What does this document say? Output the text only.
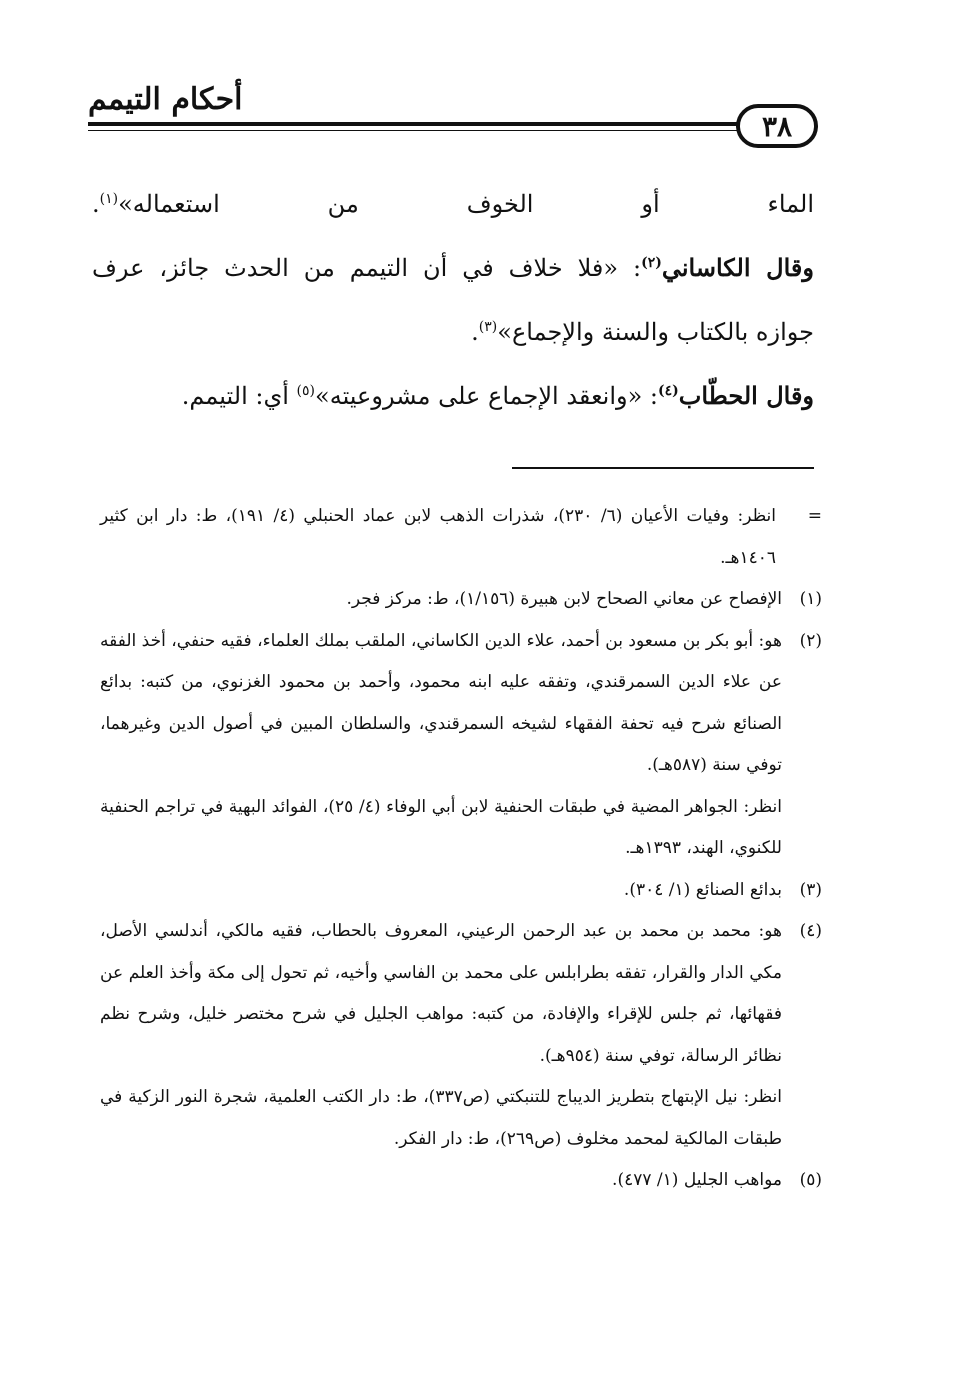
أحكام التيمم
٣٨
الماء أو الخوف من استعماله»$^{(١)}$.
وقال الكاساني$^{(٢)}$: «فلا خلاف في أن التيمم من الحدث جائز، عرف
جوازه بالكتاب والسنة والإجماع»$^{(٣)}$.
وقال الحطّاب$^{(٤)}$: «وانعقد الإجماع على مشروعيته»$^{(٥)}$ أي: التيمم.
=
انظر: وفيات الأعيان (٦/ ٢٣٠)، شذرات الذهب لابن عماد الحنبلي (٤/ ١٩١)، ط: دار ابن كثير ١٤٠٦هـ.
(١)
الإفصاح عن معاني الصحاح لابن هبيرة (١/١٥٦)، ط: مركز فجر.
(٢)
هو: أبو بكر بن مسعود بن أحمد، علاء الدين الكاساني، الملقب بملك العلماء، فقيه حنفي، أخذ الفقه عن علاء الدين السمرقندي، وتفقه عليه ابنه محمود، وأحمد بن محمود الغزنوي، من كتبه: بدائع الصنائع شرح فيه تحفة الفقهاء لشيخه السمرقندي، والسلطان المبين في أصول الدين وغيرهما، توفي سنة (٥٨٧هـ).
انظر: الجواهر المضية في طبقات الحنفية لابن أبي الوفاء (٤/ ٢٥)، الفوائد البهية في تراجم الحنفية للكنوي، الهند، ١٣٩٣هـ.
(٣)
بدائع الصنائع (١/ ٣٠٤).
(٤)
هو: محمد بن محمد بن عبد الرحمن الرعيني، المعروف بالحطاب، فقيه مالكي، أندلسي الأصل، مكي الدار والقرار، تفقه بطرابلس على محمد بن الفاسي وأخيه، ثم تحول إلى مكة وأخذ العلم عن فقهائها، ثم جلس للإقراء والإفادة، من كتبه: مواهب الجليل في شرح مختصر خليل، وشرح نظم نظائر الرسالة، توفي سنة (٩٥٤هـ).
انظر: نيل الإبتهاج بتطريز الديباج للتنبكتي (ص٣٣٧)، ط: دار الكتب العلمية، شجرة النور الزكية في طبقات المالكية لمحمد مخلوف (ص٢٦٩)، ط: دار الفكر.
(٥)
مواهب الجليل (١/ ٤٧٧).
